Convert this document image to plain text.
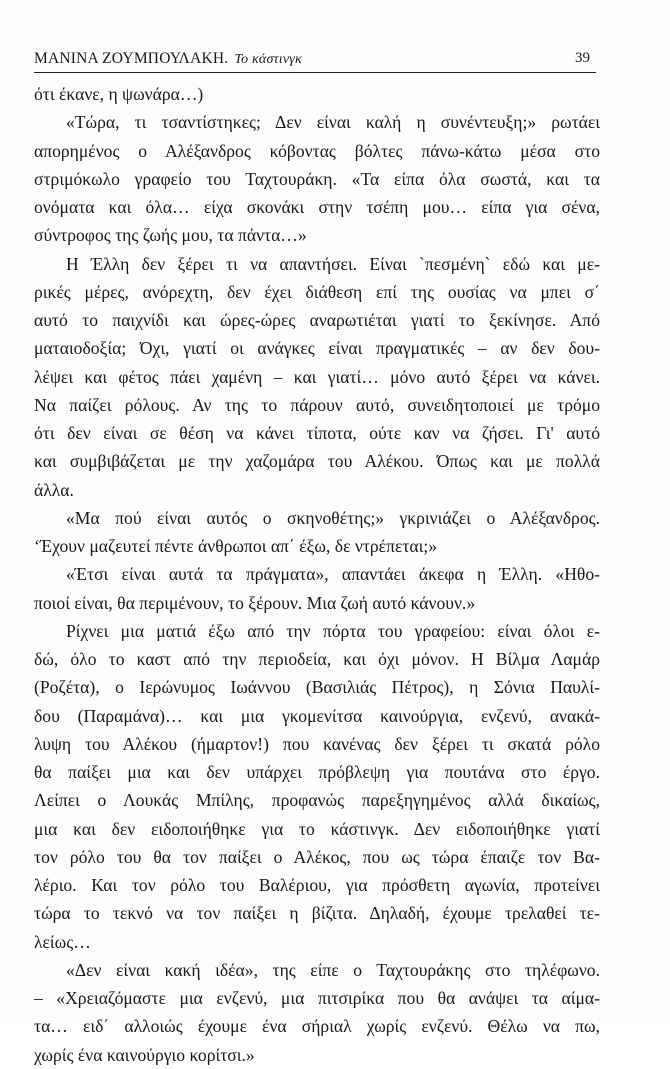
ΜΑΝΙΝΑ ΖΟΥΜΠΟΥΛΑΚΗ. Το κάστινγκ	39
ότι έκανε, η ψωνάρα…)
«Τώρα, τι τσαντίστηκες; Δεν είναι καλή η συνέντευξη;» ρωτάει
απορημένος ο Αλέξανδρος κόβοντας βόλτες πάνω-κάτω μέσα στο
στριμόκωλο γραφείο του Ταχτουράκη. «Τα είπα όλα σωστά, και τα
ονόματα και όλα… είχα σκονάκι στην τσέπη μου… είπα για σένα,
σύντροφος της ζωής μου, τα πάντα…»
Η Έλλη δεν ξέρει τι να απαντήσει. Είναι `πεσμένη` εδώ και με-
ρικές μέρες, ανόρεχτη, δεν έχει διάθεση επί της ουσίας να μπει σ΄
αυτό το παιχνίδι και ώρες-ώρες αναρωτιέται γιατί το ξεκίνησε. Από
ματαιοδοξία; Όχι, γιατί οι ανάγκες είναι πραγματικές – αν δεν δου-
λέψει και φέτος πάει χαμένη – και γιατί… μόνο αυτό ξέρει να κάνει.
Να παίζει ρόλους. Αν της το πάρουν αυτό, συνειδητοποιεί με τρόμο
ότι δεν είναι σε θέση να κάνει τίποτα, ούτε καν να ζήσει. Γι' αυτό
και συμβιβάζεται με την χαζομάρα του Αλέκου. Όπως και με πολλά
άλλα.
«Μα πού είναι αυτός ο σκηνοθέτης;» γκρινιάζει ο Αλέξανδρος.
‘Έχουν μαζευτεί πέντε άνθρωποι απ΄ έξω, δε ντρέπεται;»
«Έτσι είναι αυτά τα πράγματα», απαντάει άκεφα η Έλλη. «Ηθο-
ποιοί είναι, θα περιμένουν, το ξέρουν. Μια ζωή αυτό κάνουν.»
Ρίχνει μια ματιά έξω από την πόρτα του γραφείου: είναι όλοι ε-
δώ, όλο το καστ από την περιοδεία, και όχι μόνον. Η Βίλμα Λαμάρ
(Ροζέτα), ο Ιερώνυμος Ιωάννου (Βασιλιάς Πέτρος), η Σόνια Παυλί-
δου (Παραμάνα)… και μια γκομενίτσα καινούργια, ενζενύ, ανακά-
λυψη του Αλέκου (ήμαρτον!) που κανένας δεν ξέρει τι σκατά ρόλο
θα παίξει μια και δεν υπάρχει πρόβλεψη για πουτάνα στο έργο.
Λείπει ο Λουκάς Μπίλης, προφανώς παρεξηγημένος αλλά δικαίως,
μια και δεν ειδοποιήθηκε για το κάστινγκ. Δεν ειδοποιήθηκε γιατί
τον ρόλο του θα τον παίξει ο Αλέκος, που ως τώρα έπαιζε τον Βα-
λέριο. Και τον ρόλο του Βαλέριου, για πρόσθετη αγωνία, προτείνει
τώρα το τεκνό να τον παίξει η βίζιτα. Δηλαδή, έχουμε τρελαθεί τε-
λείως…
«Δεν είναι κακή ιδέα», της είπε ο Ταχτουράκης στο τηλέφωνο.
– «Χρειαζόμαστε μια ενζενύ, μια πιτσιρίκα που θα ανάψει τα αίμα-
τα… ειδ΄ αλλοιώς έχουμε ένα σήριαλ χωρίς ενζενύ. Θέλω να πω,
χωρίς ένα καινούργιο κορίτσι.»
